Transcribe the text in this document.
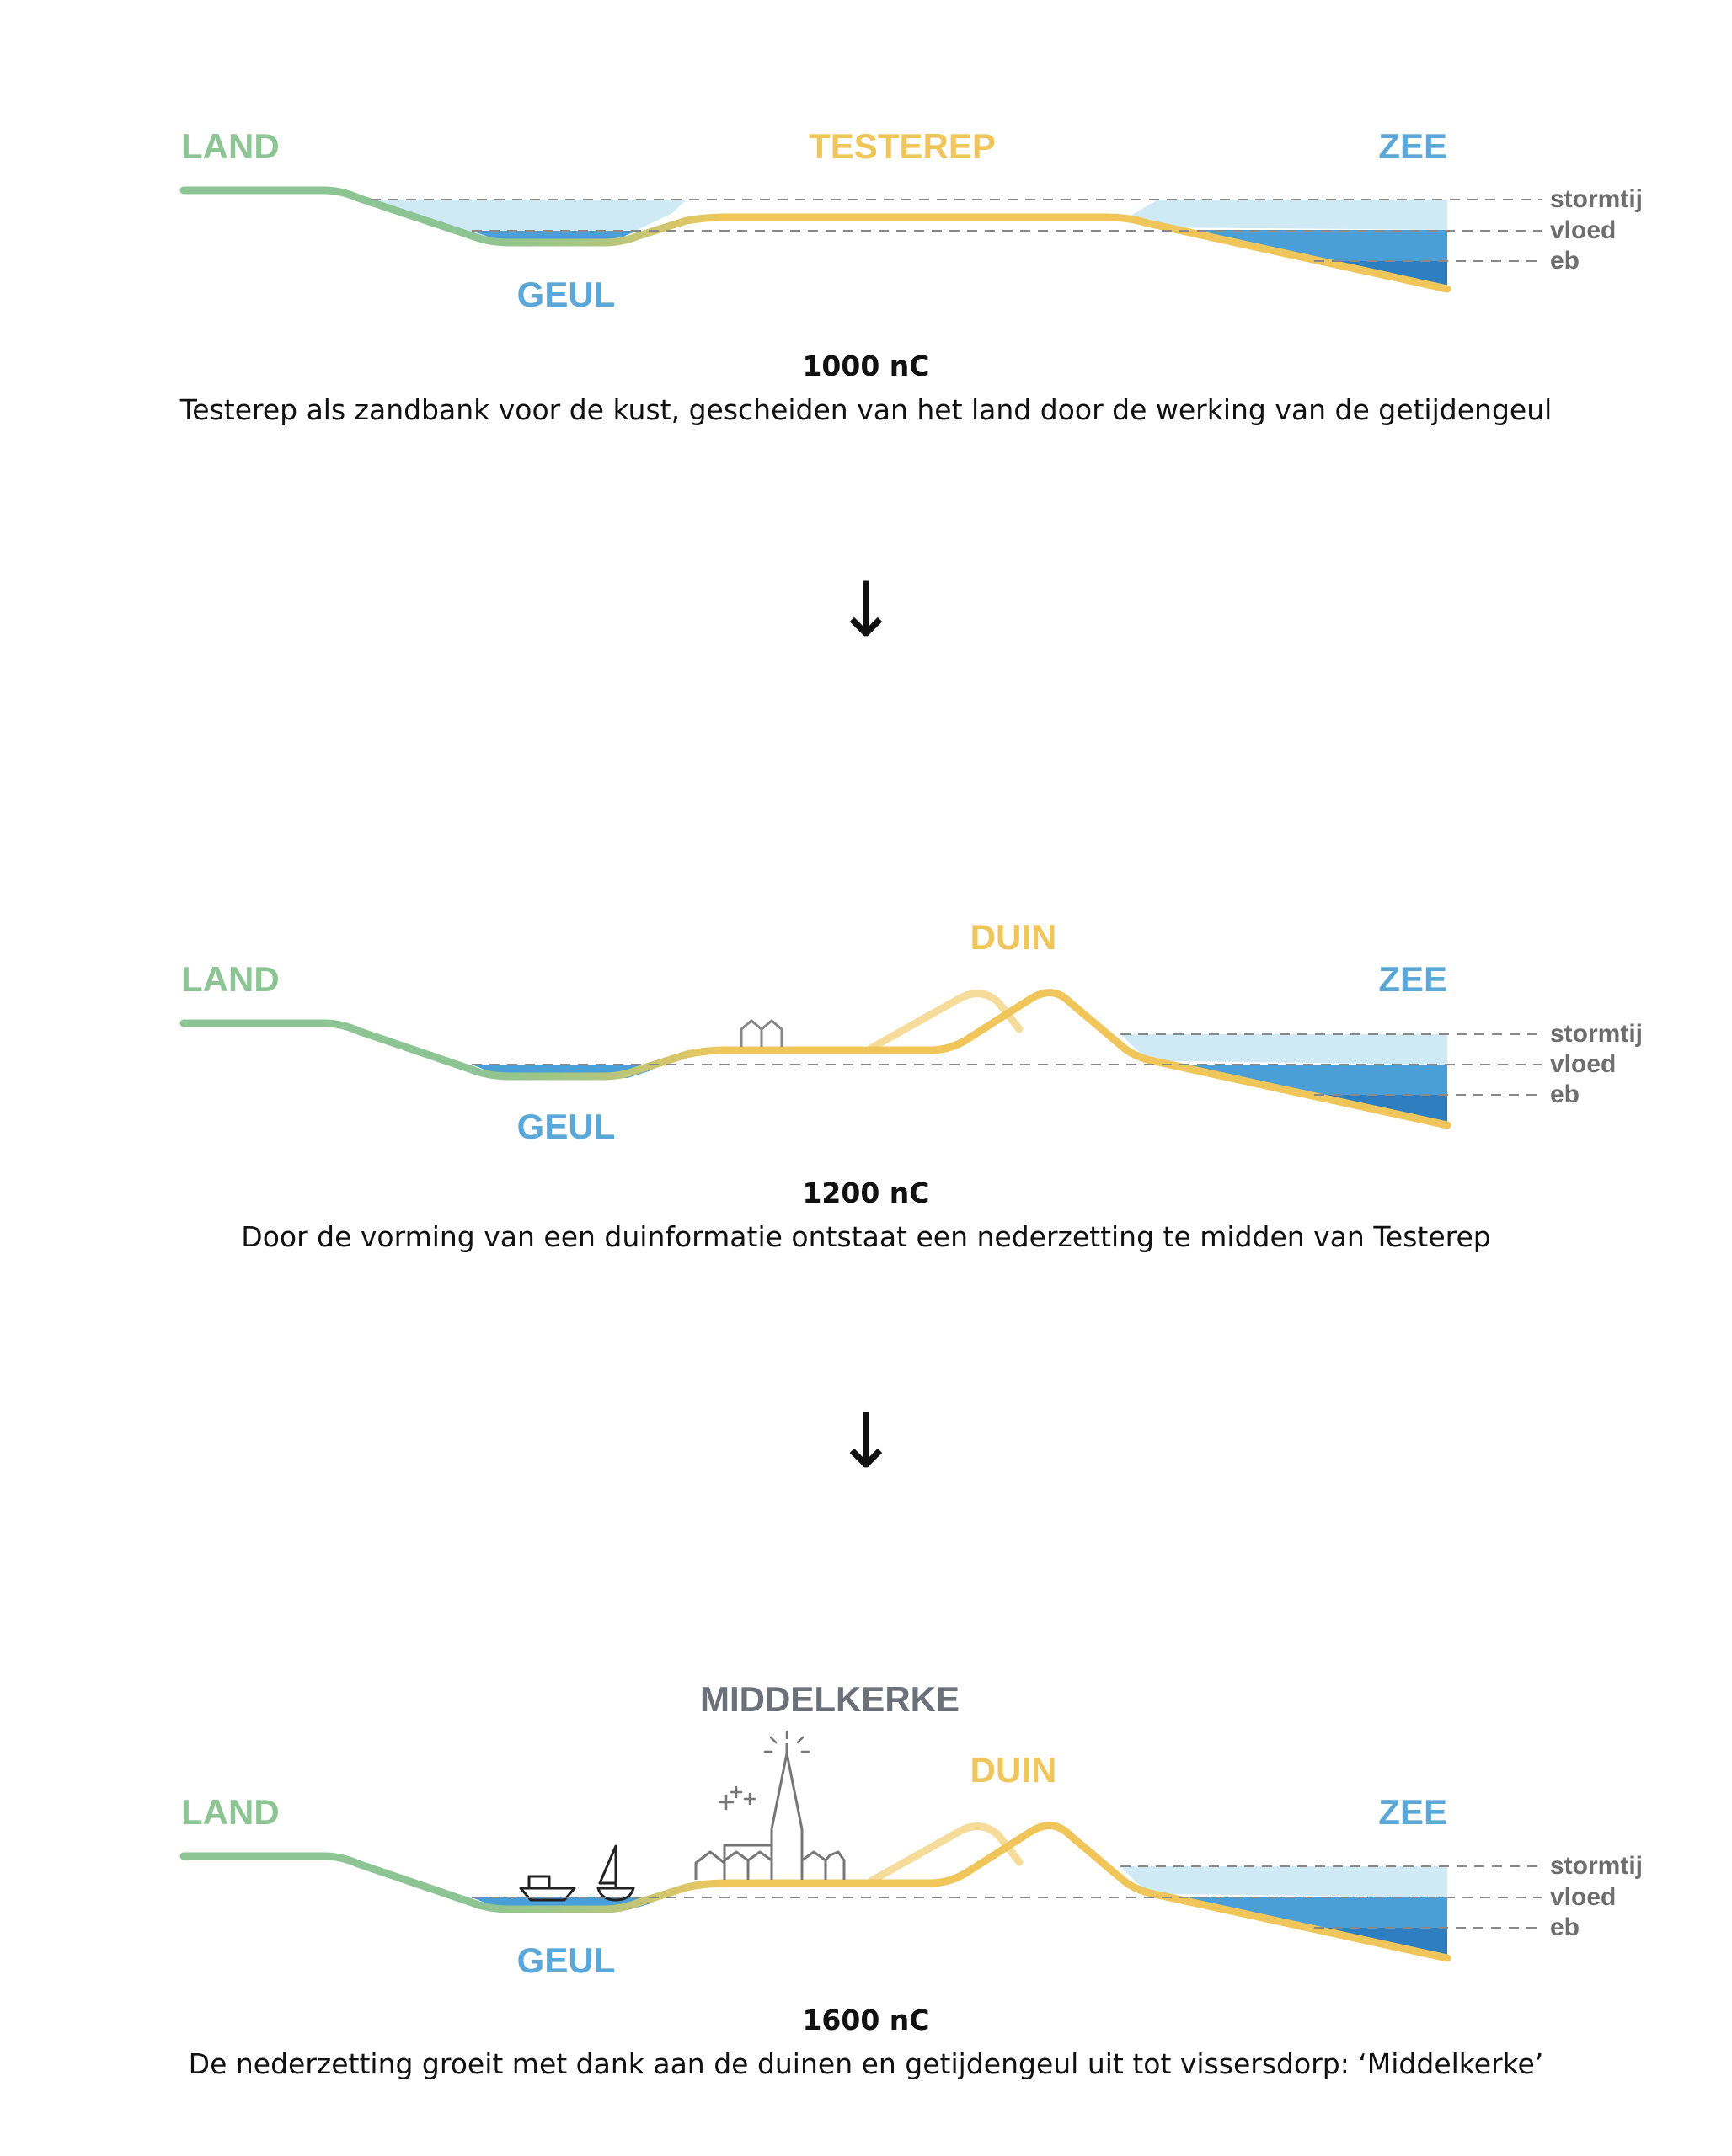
stormtij
vloed
eb
LAND	TESTEREP	ZEE
GEUL
1000 nC
Testerep als zandbank voor de kust, gescheiden van het land door de werking van de getijdengeul
↓
stormtij
vloed
eb
LAND
DUIN
ZEE
GEUL
1200 nC
Door de vorming van een duinformatie ontstaat een nederzetting te midden van Testerep
↓
stormtij
vloed
eb
LAND
MIDDELKERKE
DUIN
ZEE
GEUL
1600 nC
De nederzetting groeit met dank aan de duinen en getijdengeul uit tot vissersdorp: ‘Middelkerke’
